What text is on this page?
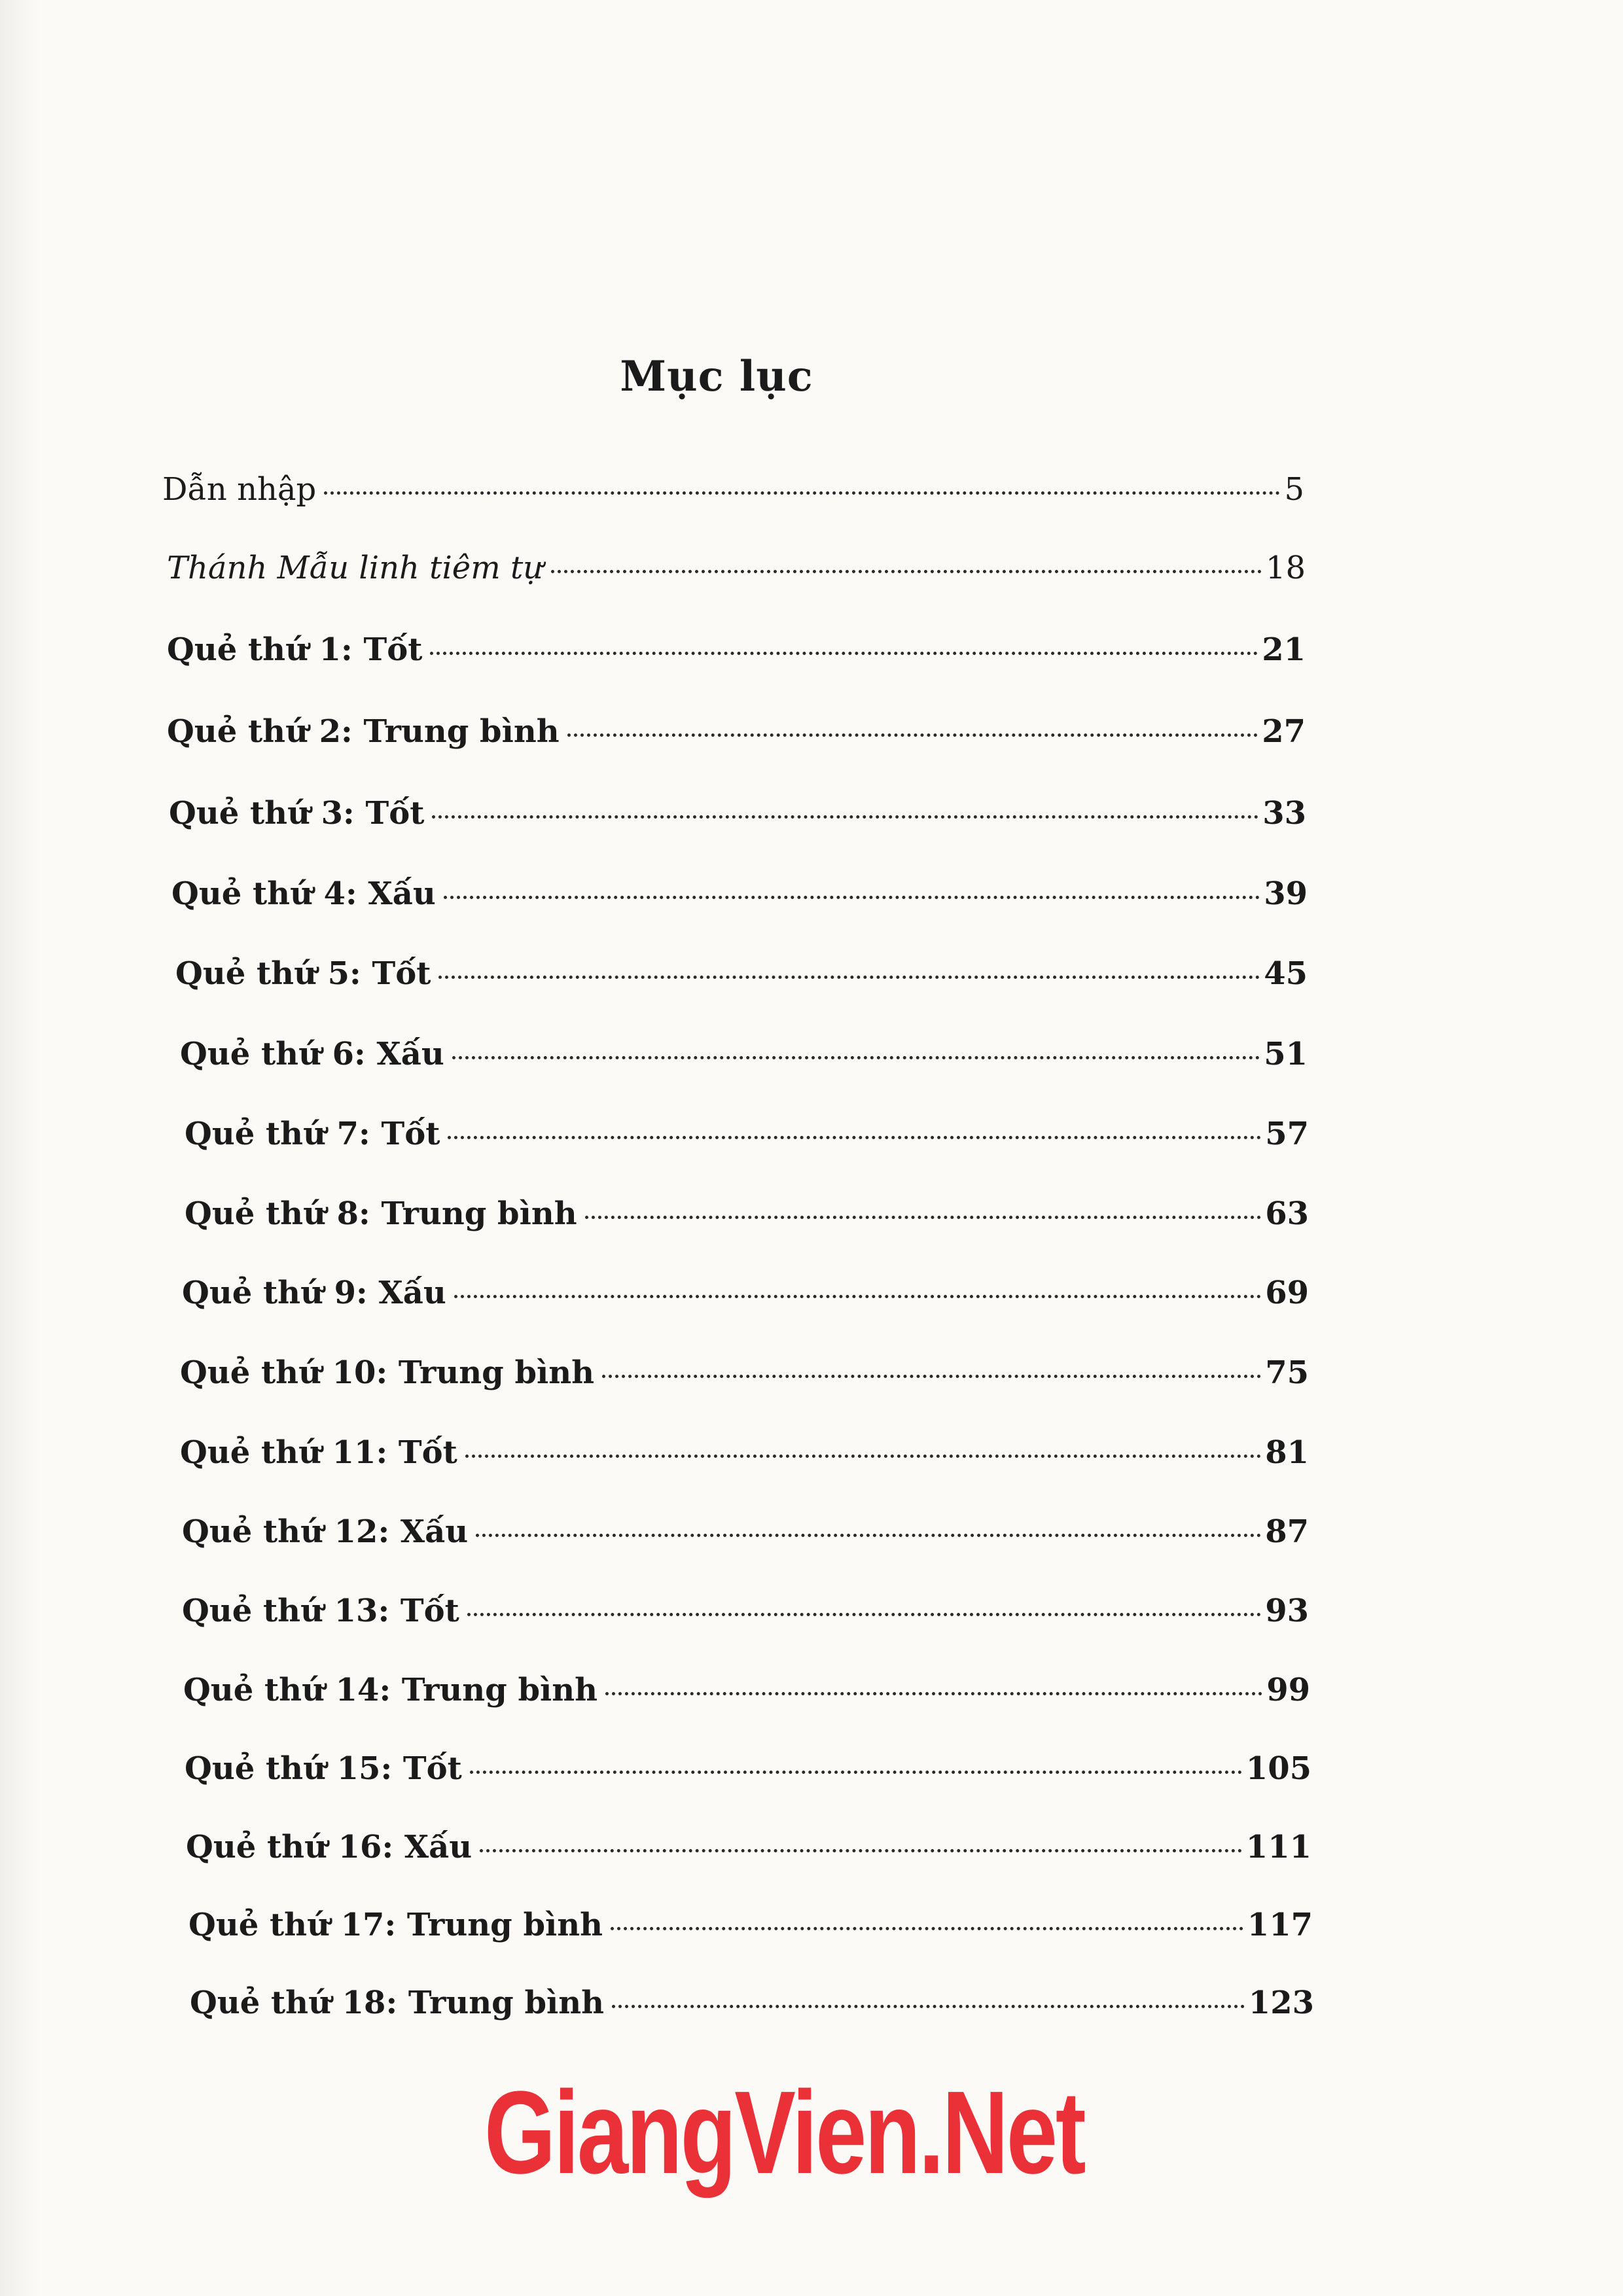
Mục lục
Dẫn nhập	5
Thánh Mẫu linh tiêm tự	18
Quẻ thứ 1: Tốt	21
Quẻ thứ 2: Trung bình	27
Quẻ thứ 3: Tốt	33
Quẻ thứ 4: Xấu	39
Quẻ thứ 5: Tốt	45
Quẻ thứ 6: Xấu	51
Quẻ thứ 7: Tốt	57
Quẻ thứ 8: Trung bình	63
Quẻ thứ 9: Xấu	69
Quẻ thứ 10: Trung bình	75
Quẻ thứ 11: Tốt	81
Quẻ thứ 12: Xấu	87
Quẻ thứ 13: Tốt	93
Quẻ thứ 14: Trung bình	99
Quẻ thứ 15: Tốt	105
Quẻ thứ 16: Xấu	111
Quẻ thứ 17: Trung bình	117
Quẻ thứ 18: Trung bình	123
GiangVien.Net
